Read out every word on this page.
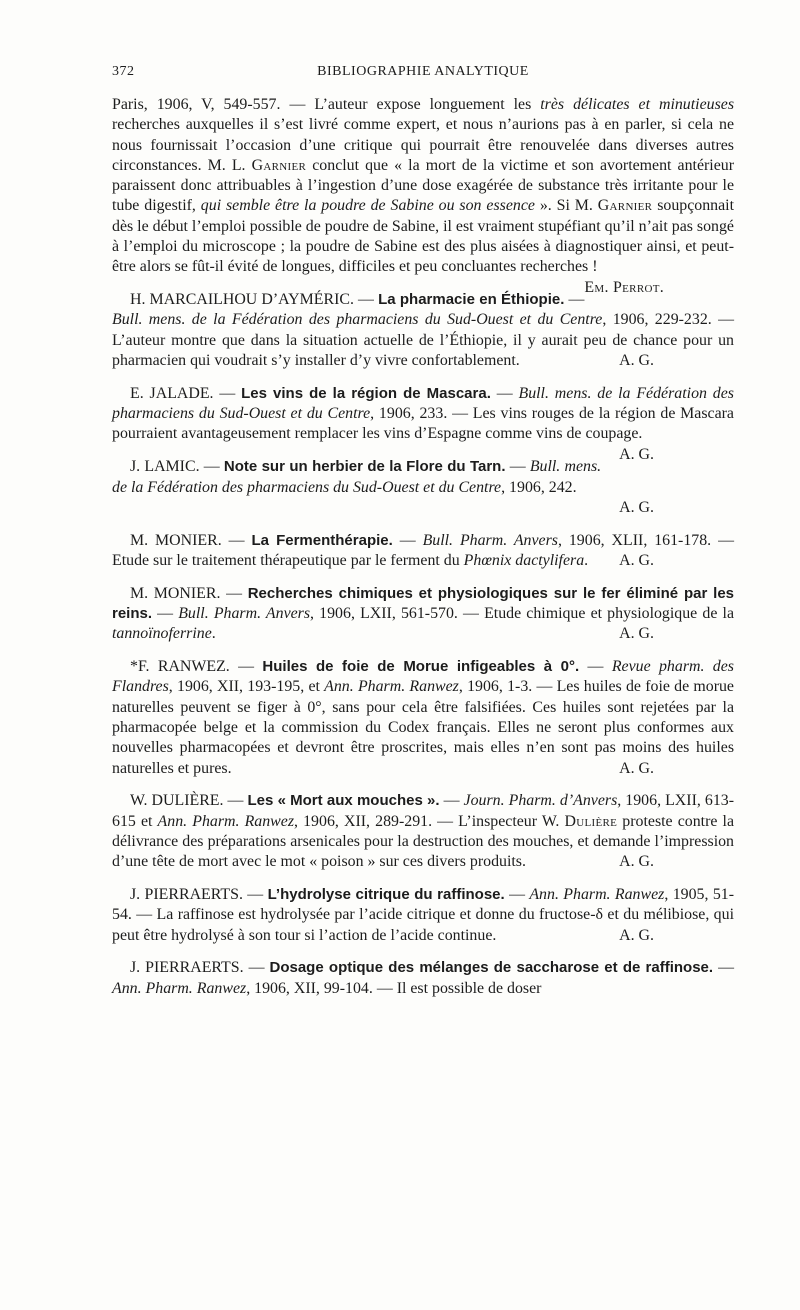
372	BIBLIOGRAPHIE ANALYTIQUE

Paris, 1906, V, 549-557. — L’auteur expose longuement les très délicates et minutieuses recherches auxquelles il s’est livré comme expert, et nous n’aurions pas à en parler, si cela ne nous fournissait l’occasion d’une critique qui pourrait être renouvelée dans diverses autres circonstances. M. L. Garnier conclut que « la mort de la victime et son avortement antérieur paraissent donc attribuables à l’ingestion d’une dose exagérée de substance très irritante pour le tube digestif, qui semble être la poudre de Sabine ou son essence ». Si M. Garnier soupçonnait dès le début l’emploi possible de poudre de Sabine, il est vraiment stupéfiant qu’il n’ait pas songé à l’emploi du microscope ; la poudre de Sabine est des plus aisées à diagnostiquer ainsi, et peut-être alors se fût-il évité de longues, difficiles et peu concluantes recherches !
Em. Perrot.

H. MARCAILHOU D’AYMÉRIC. — La pharmacie en Éthiopie. — Bull. mens. de la Fédération des pharmaciens du Sud-Ouest et du Centre, 1906, 229-232. — L’auteur montre que dans la situation actuelle de l’Éthiopie, il y aurait peu de chance pour un pharmacien qui voudrait s’y installer d’y vivre confortablement.	A. G.

E. JALADE. — Les vins de la région de Mascara. — Bull. mens. de la Fédération des pharmaciens du Sud-Ouest et du Centre, 1906, 233. — Les vins rouges de la région de Mascara pourraient avantageusement remplacer les vins d’Espagne comme vins de coupage.
A. G.

J. LAMIC. — Note sur un herbier de la Flore du Tarn. — Bull. mens. de la Fédération des pharmaciens du Sud-Ouest et du Centre, 1906, 242.
A. G.

M. MONIER. — La Fermenthérapie. — Bull. Pharm. Anvers, 1906, XLII, 161-178. — Etude sur le traitement thérapeutique par le ferment du Phœnix dactylifera.	A. G.

M. MONIER. — Recherches chimiques et physiologiques sur le fer éliminé par les reins. — Bull. Pharm. Anvers, 1906, LXII, 561-570. — Etude chimique et physiologique de la tannoïnoferrine.	A. G.

*F. RANWEZ. — Huiles de foie de Morue infigeables à 0°. — Revue pharm. des Flandres, 1906, XII, 193-195, et Ann. Pharm. Ranwez, 1906, 1-3. — Les huiles de foie de morue naturelles peuvent se figer à 0°, sans pour cela être falsifiées. Ces huiles sont rejetées par la pharmacopée belge et la commission du Codex français. Elles ne seront plus conformes aux nouvelles pharmacopées et devront être proscrites, mais elles n’en sont pas moins des huiles naturelles et pures.	A. G.

W. DULIÈRE. — Les « Mort aux mouches ». — Journ. Pharm. d’Anvers, 1906, LXII, 613-615 et Ann. Pharm. Ranwez, 1906, XII, 289-291. — L’inspecteur W. Dulière proteste contre la délivrance des préparations arsenicales pour la destruction des mouches, et demande l’impression d’une tête de mort avec le mot « poison » sur ces divers produits.	A. G.

J. PIERRAERTS. — L’hydrolyse citrique du raffinose. — Ann. Pharm. Ranwez, 1905, 51-54. — La raffinose est hydrolysée par l’acide citrique et donne du fructose-δ et du mélibiose, qui peut être hydrolysé à son tour si l’action de l’acide continue.	A. G.

J. PIERRAERTS. — Dosage optique des mélanges de saccharose et de raffinose. — Ann. Pharm. Ranwez, 1906, XII, 99-104. — Il est possible de doser
